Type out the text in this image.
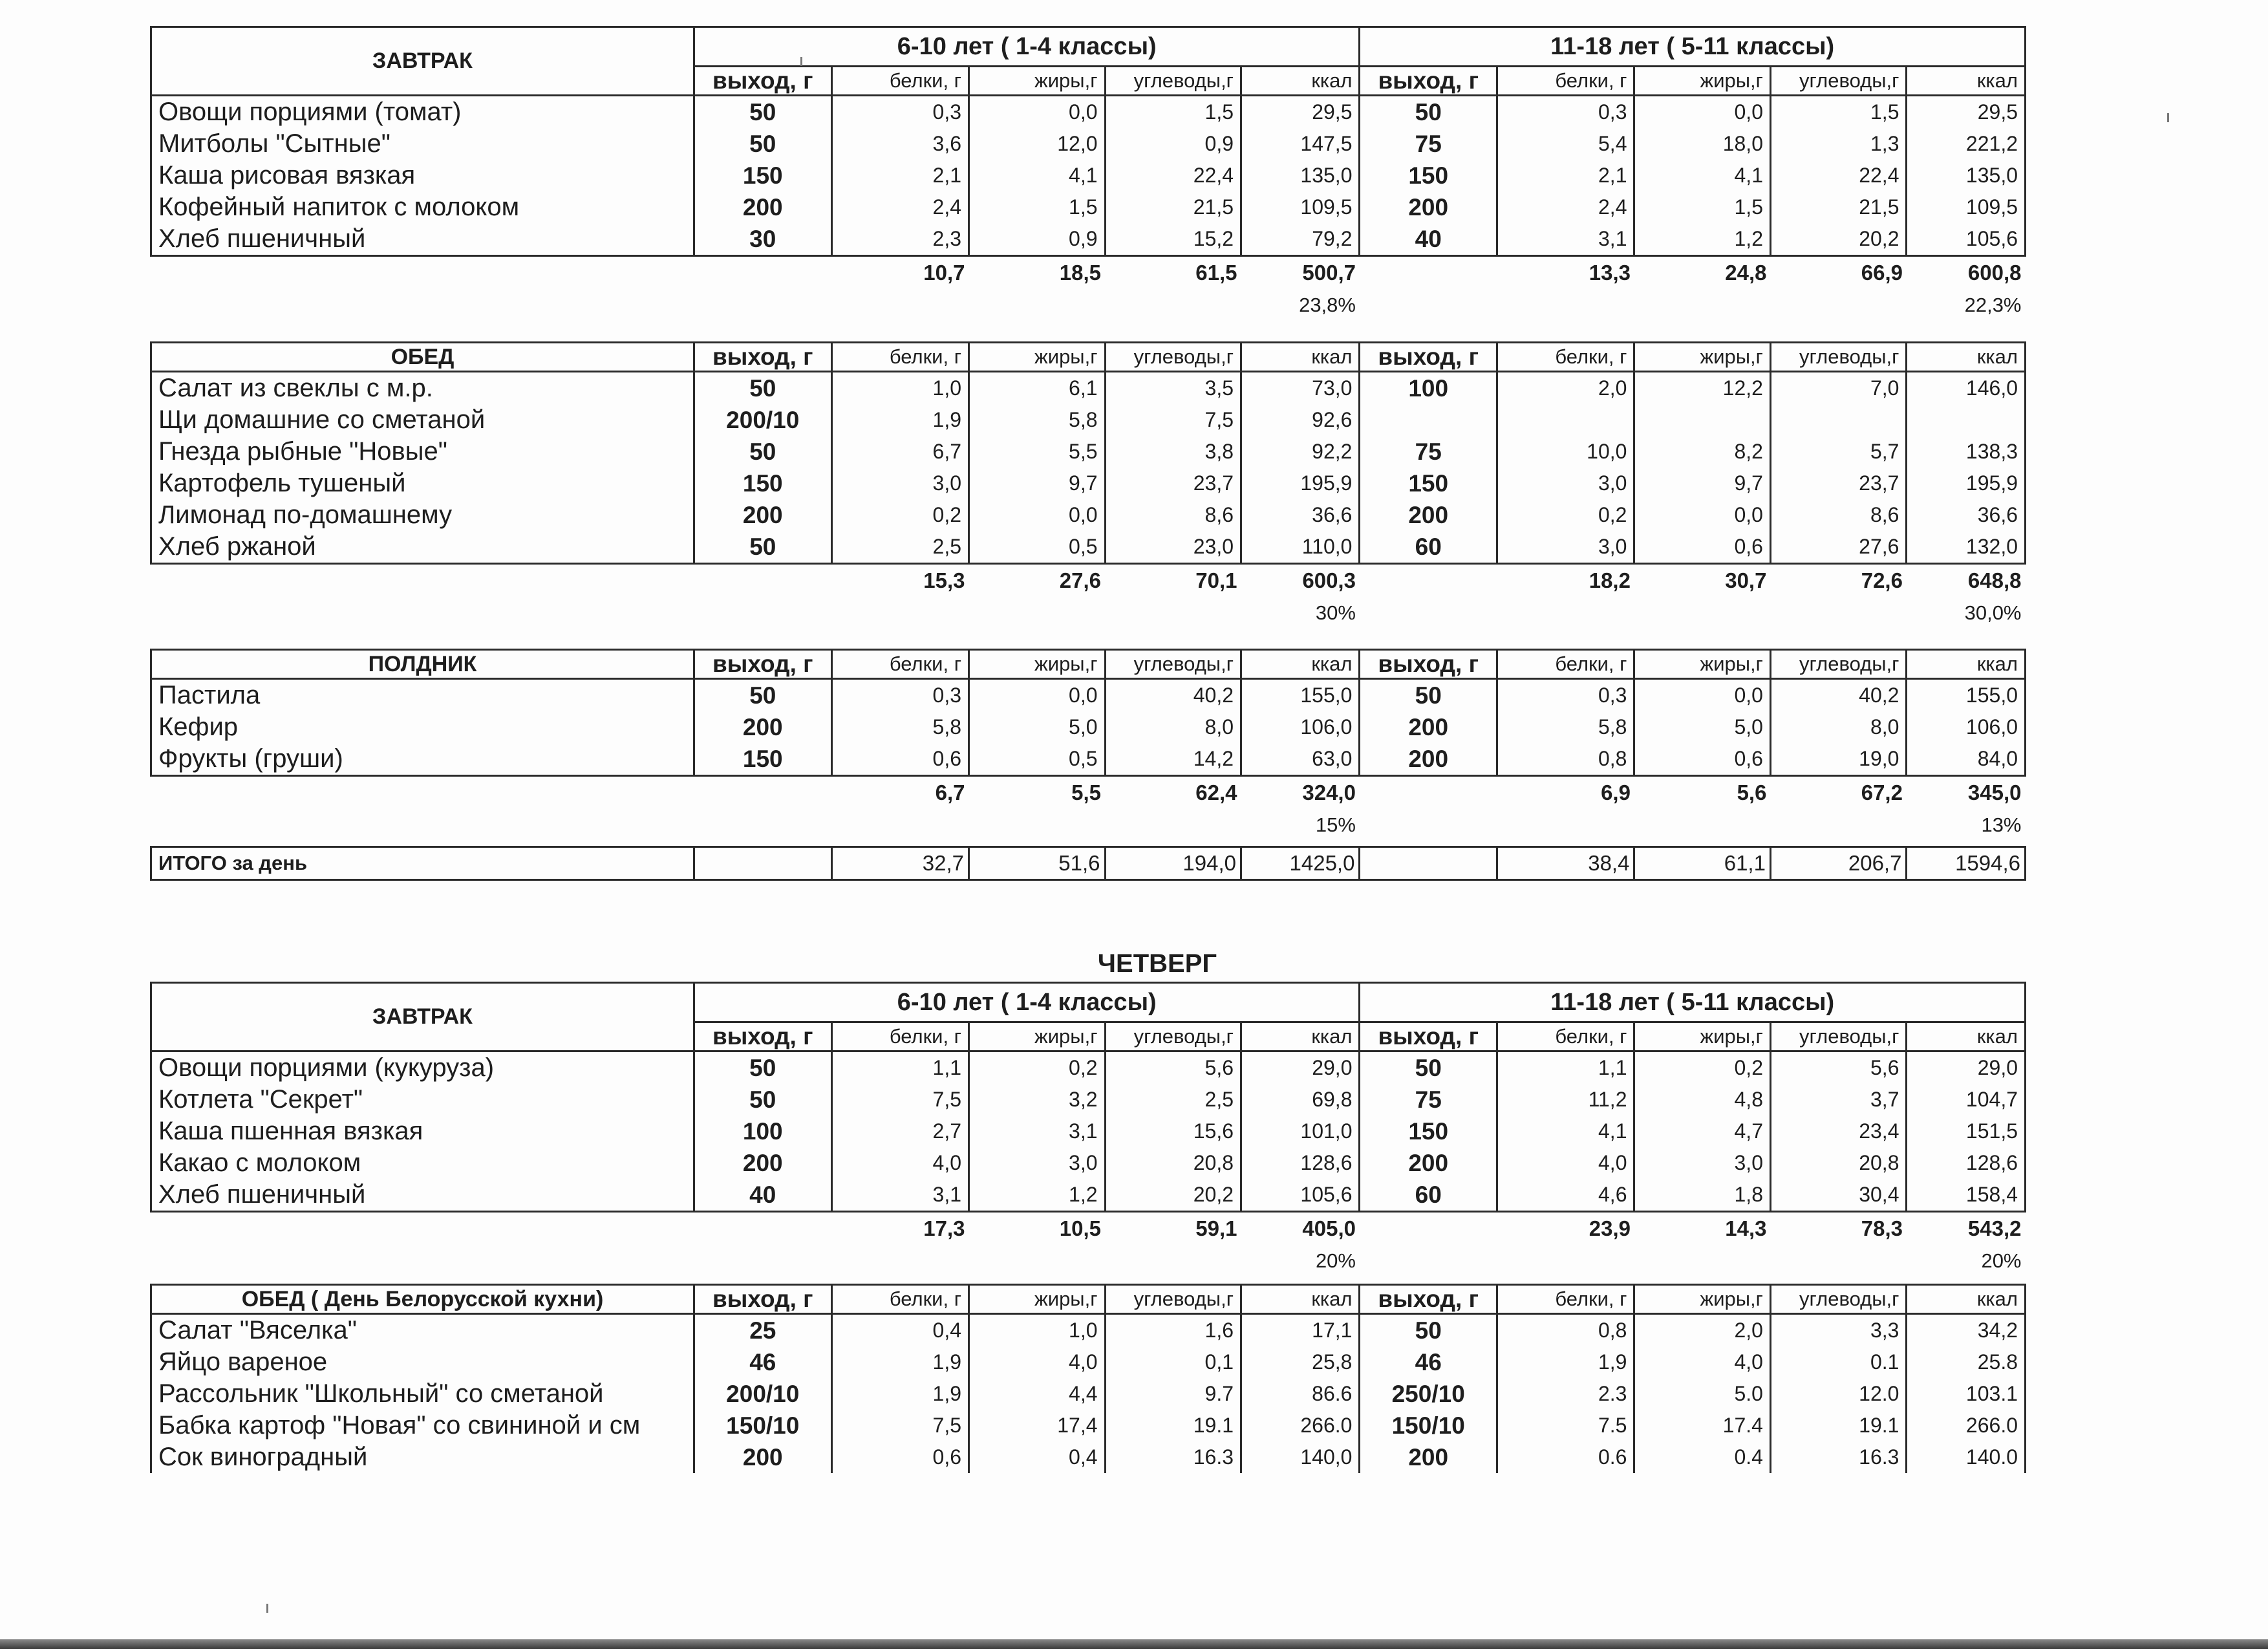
ЗАВТРАК	6-10 лет ( 1-4 классы)					11-18 лет ( 5-11 классы)				
	выход, г	белки, г	жиры,г	углеводы,г	ккал	выход, г	белки, г	жиры,г	углеводы,г	ккал
Овощи порциями (томат)	50	0,3	0,0	1,5	29,5	50	0,3	0,0	1,5	29,5
Митболы "Сытные"	50	3,6	12,0	0,9	147,5	75	5,4	18,0	1,3	221,2
Каша рисовая вязкая	150	2,1	4,1	22,4	135,0	150	2,1	4,1	22,4	135,0
Кофейный напиток с молоком	200	2,4	1,5	21,5	109,5	200	2,4	1,5	21,5	109,5
Хлеб пшеничный	30	2,3	0,9	15,2	79,2	40	3,1	1,2	20,2	105,6
		10,7	18,5	61,5	500,7		13,3	24,8	66,9	600,8
					23,8%					22,3%
ОБЕД	выход, г	белки, г	жиры,г	углеводы,г	ккал	выход, г	белки, г	жиры,г	углеводы,г	ккал
Салат из свеклы с м.р.	50	1,0	6,1	3,5	73,0	100	2,0	12,2	7,0	146,0
Щи домашние со сметаной	200/10	1,9	5,8	7,5	92,6					
Гнезда рыбные "Новые"	50	6,7	5,5	3,8	92,2	75	10,0	8,2	5,7	138,3
Картофель тушеный	150	3,0	9,7	23,7	195,9	150	3,0	9,7	23,7	195,9
Лимонад по-домашнему	200	0,2	0,0	8,6	36,6	200	0,2	0,0	8,6	36,6
Хлеб ржаной	50	2,5	0,5	23,0	110,0	60	3,0	0,6	27,6	132,0
		15,3	27,6	70,1	600,3		18,2	30,7	72,6	648,8
					30%					30,0%
ПОЛДНИК	выход, г	белки, г	жиры,г	углеводы,г	ккал	выход, г	белки, г	жиры,г	углеводы,г	ккал
Пастила	50	0,3	0,0	40,2	155,0	50	0,3	0,0	40,2	155,0
Кефир	200	5,8	5,0	8,0	106,0	200	5,8	5,0	8,0	106,0
Фрукты (груши)	150	0,6	0,5	14,2	63,0	200	0,8	0,6	19,0	84,0
		6,7	5,5	62,4	324,0		6,9	5,6	67,2	345,0
					15%					13%

ИТОГО за день		32,7	51,6	194,0	1425,0		38,4	61,1	206,7	1594,6
ЧЕТВЕРГ
ЗАВТРАК	6-10 лет ( 1-4 классы)					11-18 лет ( 5-11 классы)				
	выход, г	белки, г	жиры,г	углеводы,г	ккал	выход, г	белки, г	жиры,г	углеводы,г	ккал
Овощи порциями (кукуруза)	50	1,1	0,2	5,6	29,0	50	1,1	0,2	5,6	29,0
Котлета "Секрет"	50	7,5	3,2	2,5	69,8	75	11,2	4,8	3,7	104,7
Каша пшенная вязкая	100	2,7	3,1	15,6	101,0	150	4,1	4,7	23,4	151,5
Какао с молоком	200	4,0	3,0	20,8	128,6	200	4,0	3,0	20,8	128,6
Хлеб пшеничный	40	3,1	1,2	20,2	105,6	60	4,6	1,8	30,4	158,4
		17,3	10,5	59,1	405,0		23,9	14,3	78,3	543,2
					20%					20%
ОБЕД ( День Белорусской кухни)	выход, г	белки, г	жиры,г	углеводы,г	ккал	выход, г	белки, г	жиры,г	углеводы,г	ккал
Салат "Вяселка"	25	0,4	1,0	1,6	17,1	50	0,8	2,0	3,3	34,2
Яйцо вареное	46	1,9	4,0	0,1	25,8	46	1,9	4,0	0.1	25.8
Рассольник "Школьный" со сметаной	200/10	1,9	4,4	9.7	86.6	250/10	2.3	5.0	12.0	103.1
Бабка картоф "Новая" со свининой и см	150/10	7,5	17,4	19.1	266.0	150/10	7.5	17.4	19.1	266.0
Сок виноградный	200	0,6	0,4	16.3	140,0	200	0.6	0.4	16.3	140.0
